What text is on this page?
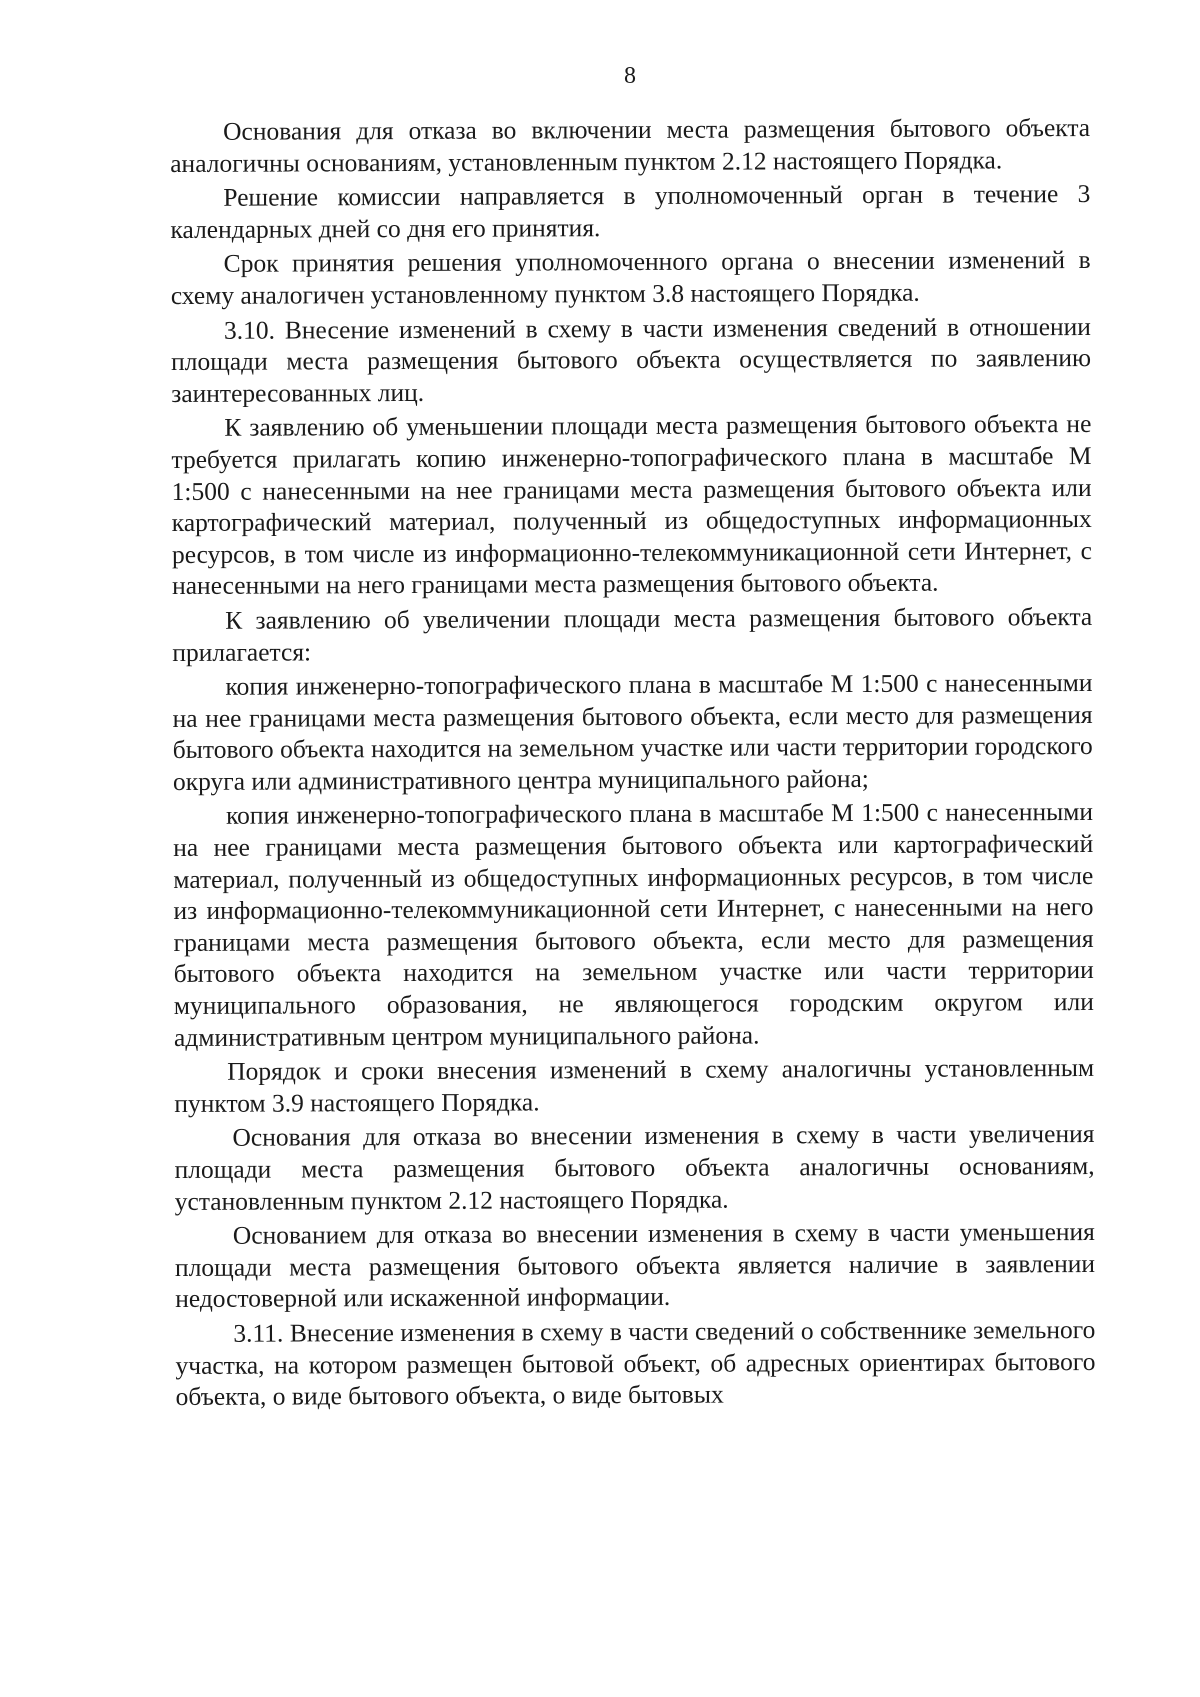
8

Основания для отказа во включении места размещения бытового объекта аналогичны основаниям, установленным пунктом 2.12 настоящего Порядка.

Решение комиссии направляется в уполномоченный орган в течение 3 календарных дней со дня его принятия.

Срок принятия решения уполномоченного органа о внесении изменений в схему аналогичен установленному пунктом 3.8 настоящего Порядка.

3.10. Внесение изменений в схему в части изменения сведений в отношении площади места размещения бытового объекта осуществляется по заявлению заинтересованных лиц.

К заявлению об уменьшении площади места размещения бытового объекта не требуется прилагать копию инженерно-топографического плана в масштабе М 1:500 с нанесенными на нее границами места размещения бытового объекта или картографический материал, полученный из общедоступных информационных ресурсов, в том числе из информационно-телекоммуникационной сети Интернет, с нанесенными на него границами места размещения бытового объекта.

К заявлению об увеличении площади места размещения бытового объекта прилагается:

копия инженерно-топографического плана в масштабе М 1:500 с нанесенными на нее границами места размещения бытового объекта, если место для размещения бытового объекта находится на земельном участке или части территории городского округа или административного центра муниципального района;

копия инженерно-топографического плана в масштабе М 1:500 с нанесенными на нее границами места размещения бытового объекта или картографический материал, полученный из общедоступных информационных ресурсов, в том числе из информационно-телекоммуникационной сети Интернет, с нанесенными на него границами места размещения бытового объекта, если место для размещения бытового объекта находится на земельном участке или части территории муниципального образования, не являющегося городским округом или административным центром муниципального района.

Порядок и сроки внесения изменений в схему аналогичны установленным пунктом 3.9 настоящего Порядка.

Основания для отказа во внесении изменения в схему в части увеличения площади места размещения бытового объекта аналогичны основаниям, установленным пунктом 2.12 настоящего Порядка.

Основанием для отказа во внесении изменения в схему в части уменьшения площади места размещения бытового объекта является наличие в заявлении недостоверной или искаженной информации.

3.11. Внесение изменения в схему в части сведений о собственнике земельного участка, на котором размещен бытовой объект, об адресных ориентирах бытового объекта, о виде бытового объекта, о виде бытовых
